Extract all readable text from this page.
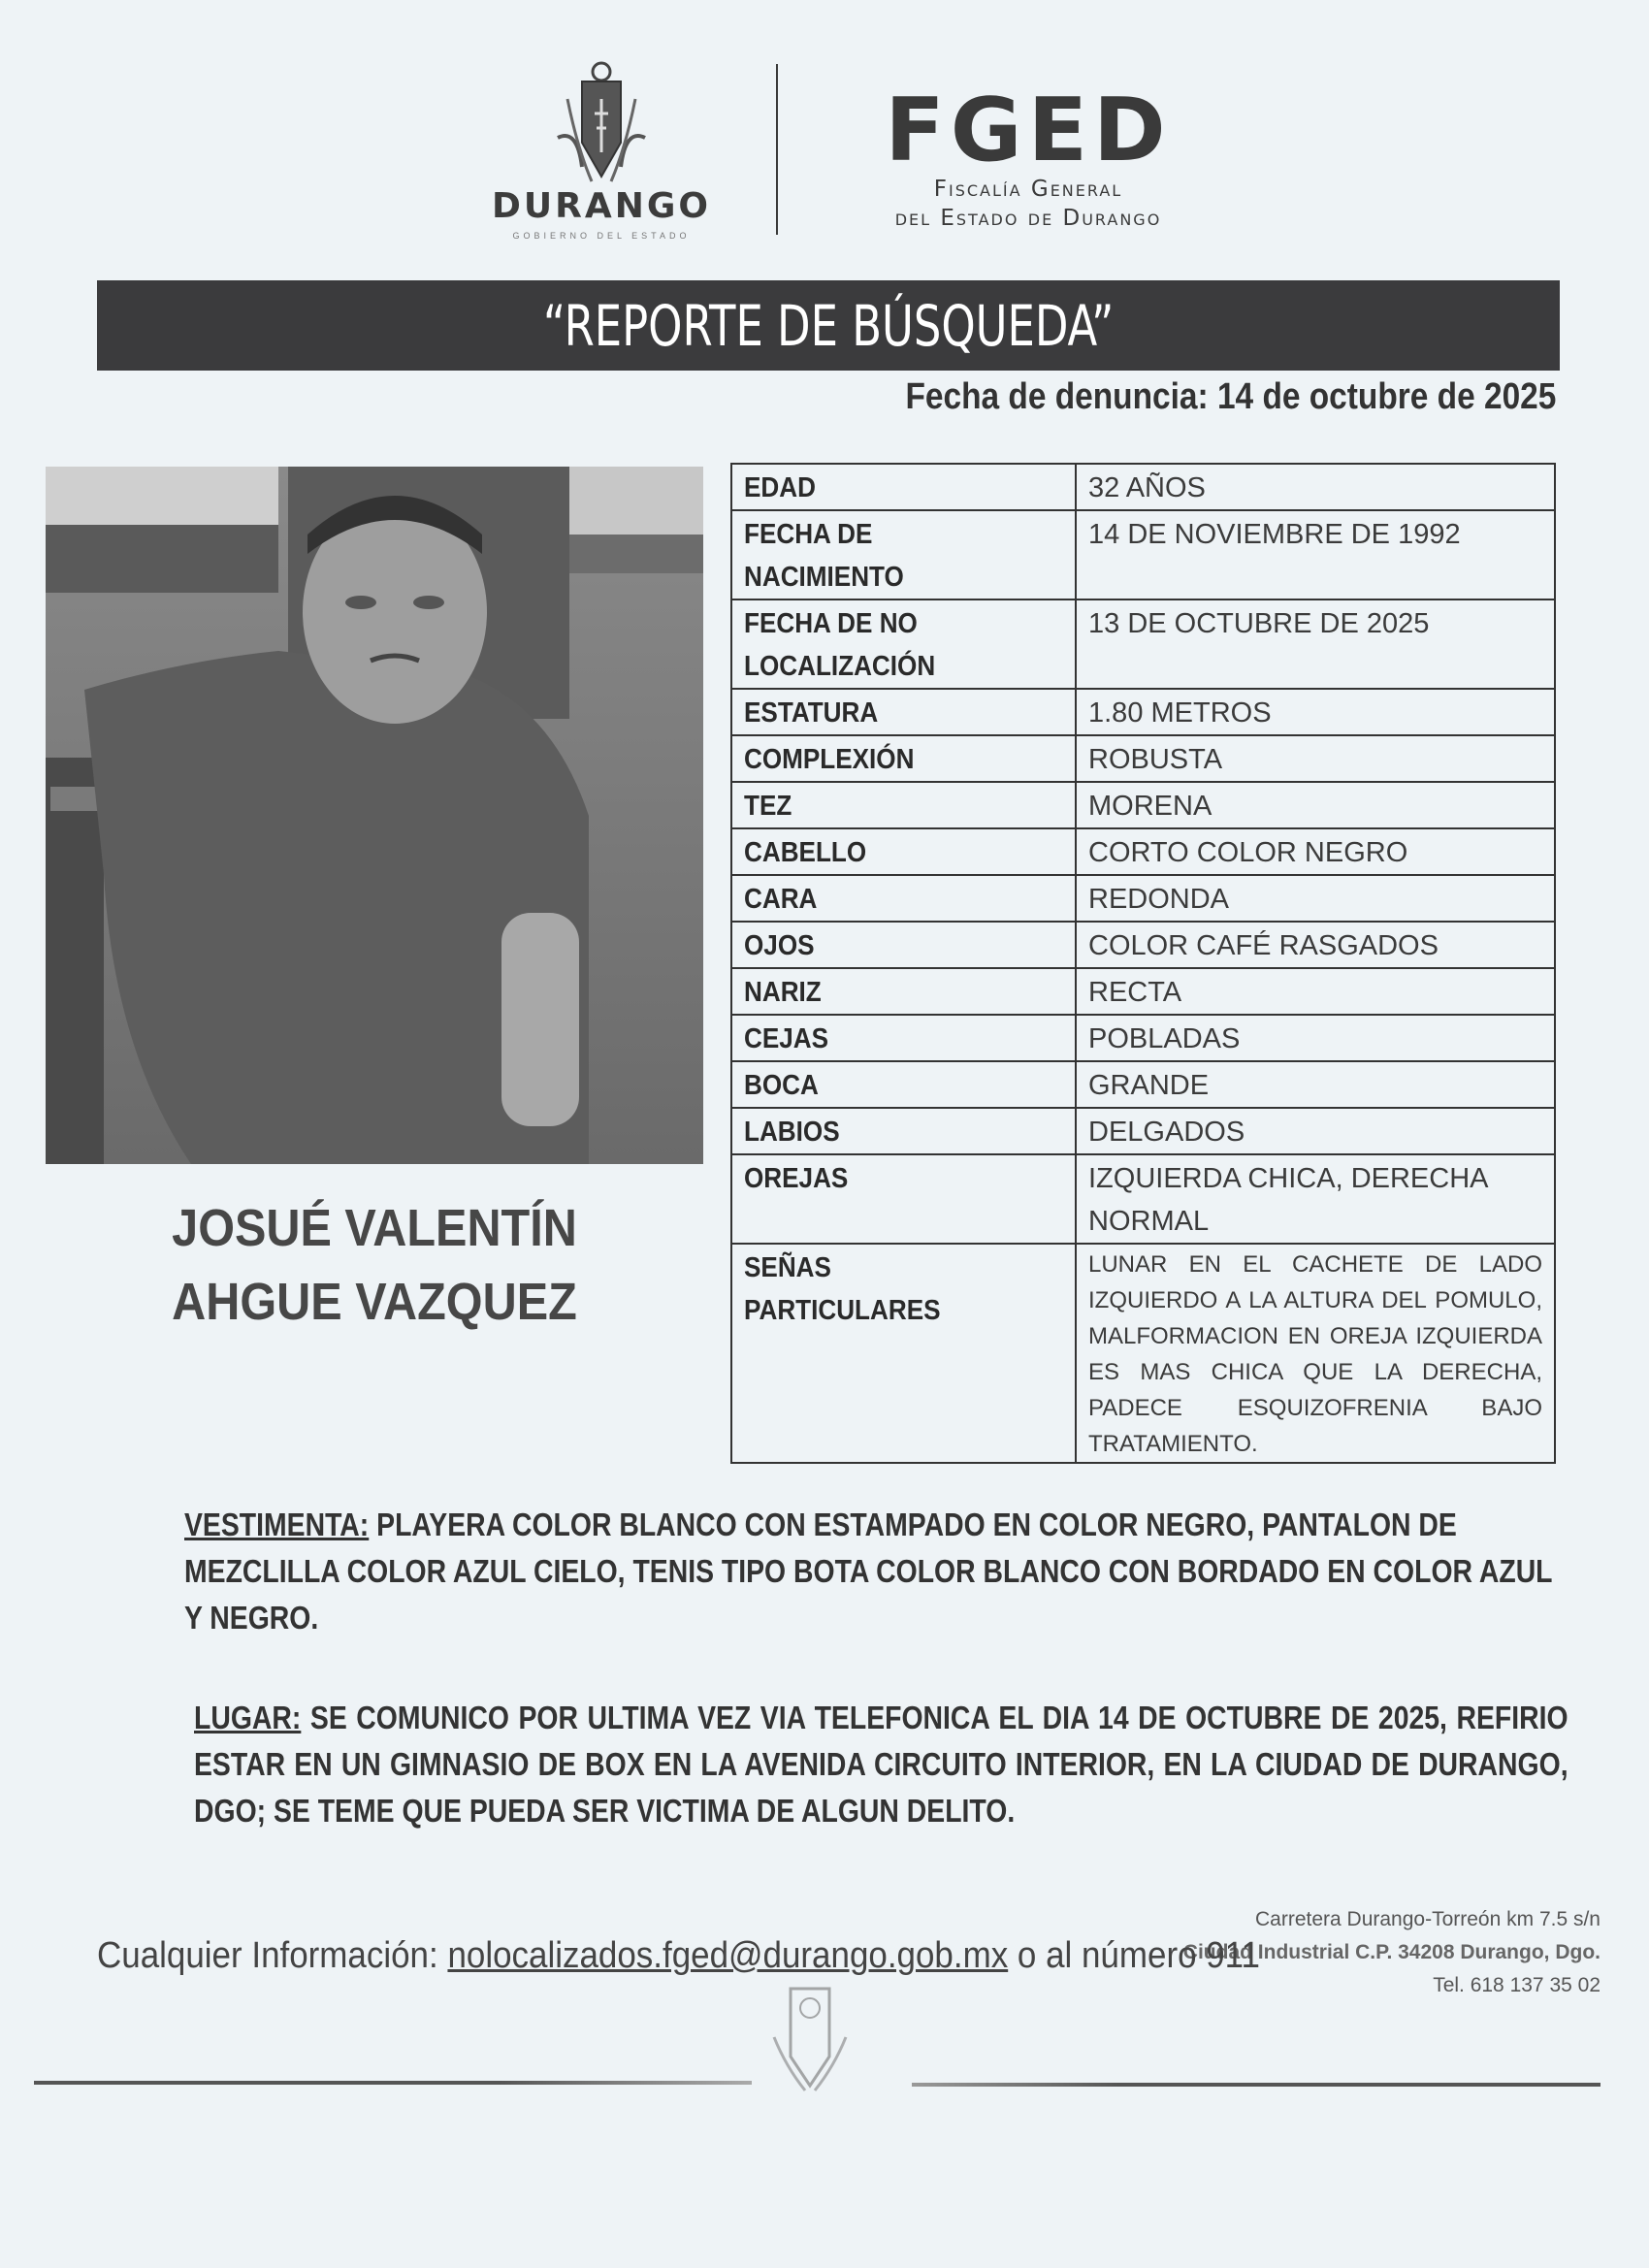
DURANGO
GOBIERNO DEL ESTADO
FGED
Fiscalía General
del Estado de Durango
“REPORTE DE BÚSQUEDA”
Fecha de denuncia: 14 de octubre de 2025
JOSUÉ VALENTÍN
AHGUE VAZQUEZ
EDAD	32 AÑOS
FECHA DE NACIMIENTO	14 DE NOVIEMBRE DE 1992
FECHA DE NO LOCALIZACIÓN	13 DE OCTUBRE DE 2025
ESTATURA	1.80 METROS
COMPLEXIÓN	ROBUSTA
TEZ	MORENA
CABELLO	CORTO COLOR NEGRO
CARA	REDONDA
OJOS	COLOR CAFÉ RASGADOS
NARIZ	RECTA
CEJAS	POBLADAS
BOCA	GRANDE
LABIOS	DELGADOS
OREJAS	IZQUIERDA CHICA, DERECHA NORMAL
SEÑAS PARTICULARES	LUNAR EN EL CACHETE DE LADO IZQUIERDO A LA ALTURA DEL POMULO, MALFORMACION EN OREJA IZQUIERDA ES MAS CHICA QUE LA DERECHA, PADECE ESQUIZOFRENIA BAJO TRATAMIENTO.
VESTIMENTA: PLAYERA COLOR BLANCO CON ESTAMPADO EN COLOR NEGRO, PANTALON DE MEZCLILLA COLOR AZUL CIELO, TENIS TIPO BOTA COLOR BLANCO CON BORDADO EN COLOR AZUL Y NEGRO.
LUGAR: SE COMUNICO POR ULTIMA VEZ VIA TELEFONICA EL DIA 14 DE OCTUBRE DE 2025, REFIRIO ESTAR EN UN GIMNASIO DE BOX EN LA AVENIDA CIRCUITO INTERIOR, EN LA CIUDAD DE DURANGO, DGO; SE TEME QUE PUEDA SER VICTIMA DE ALGUN DELITO.
Carretera Durango-Torreón km 7.5 s/n
Ciudad Industrial C.P. 34208 Durango, Dgo.
Tel. 618 137 35 02
Cualquier Información: nolocalizados.fged@durango.gob.mx o al número 911
